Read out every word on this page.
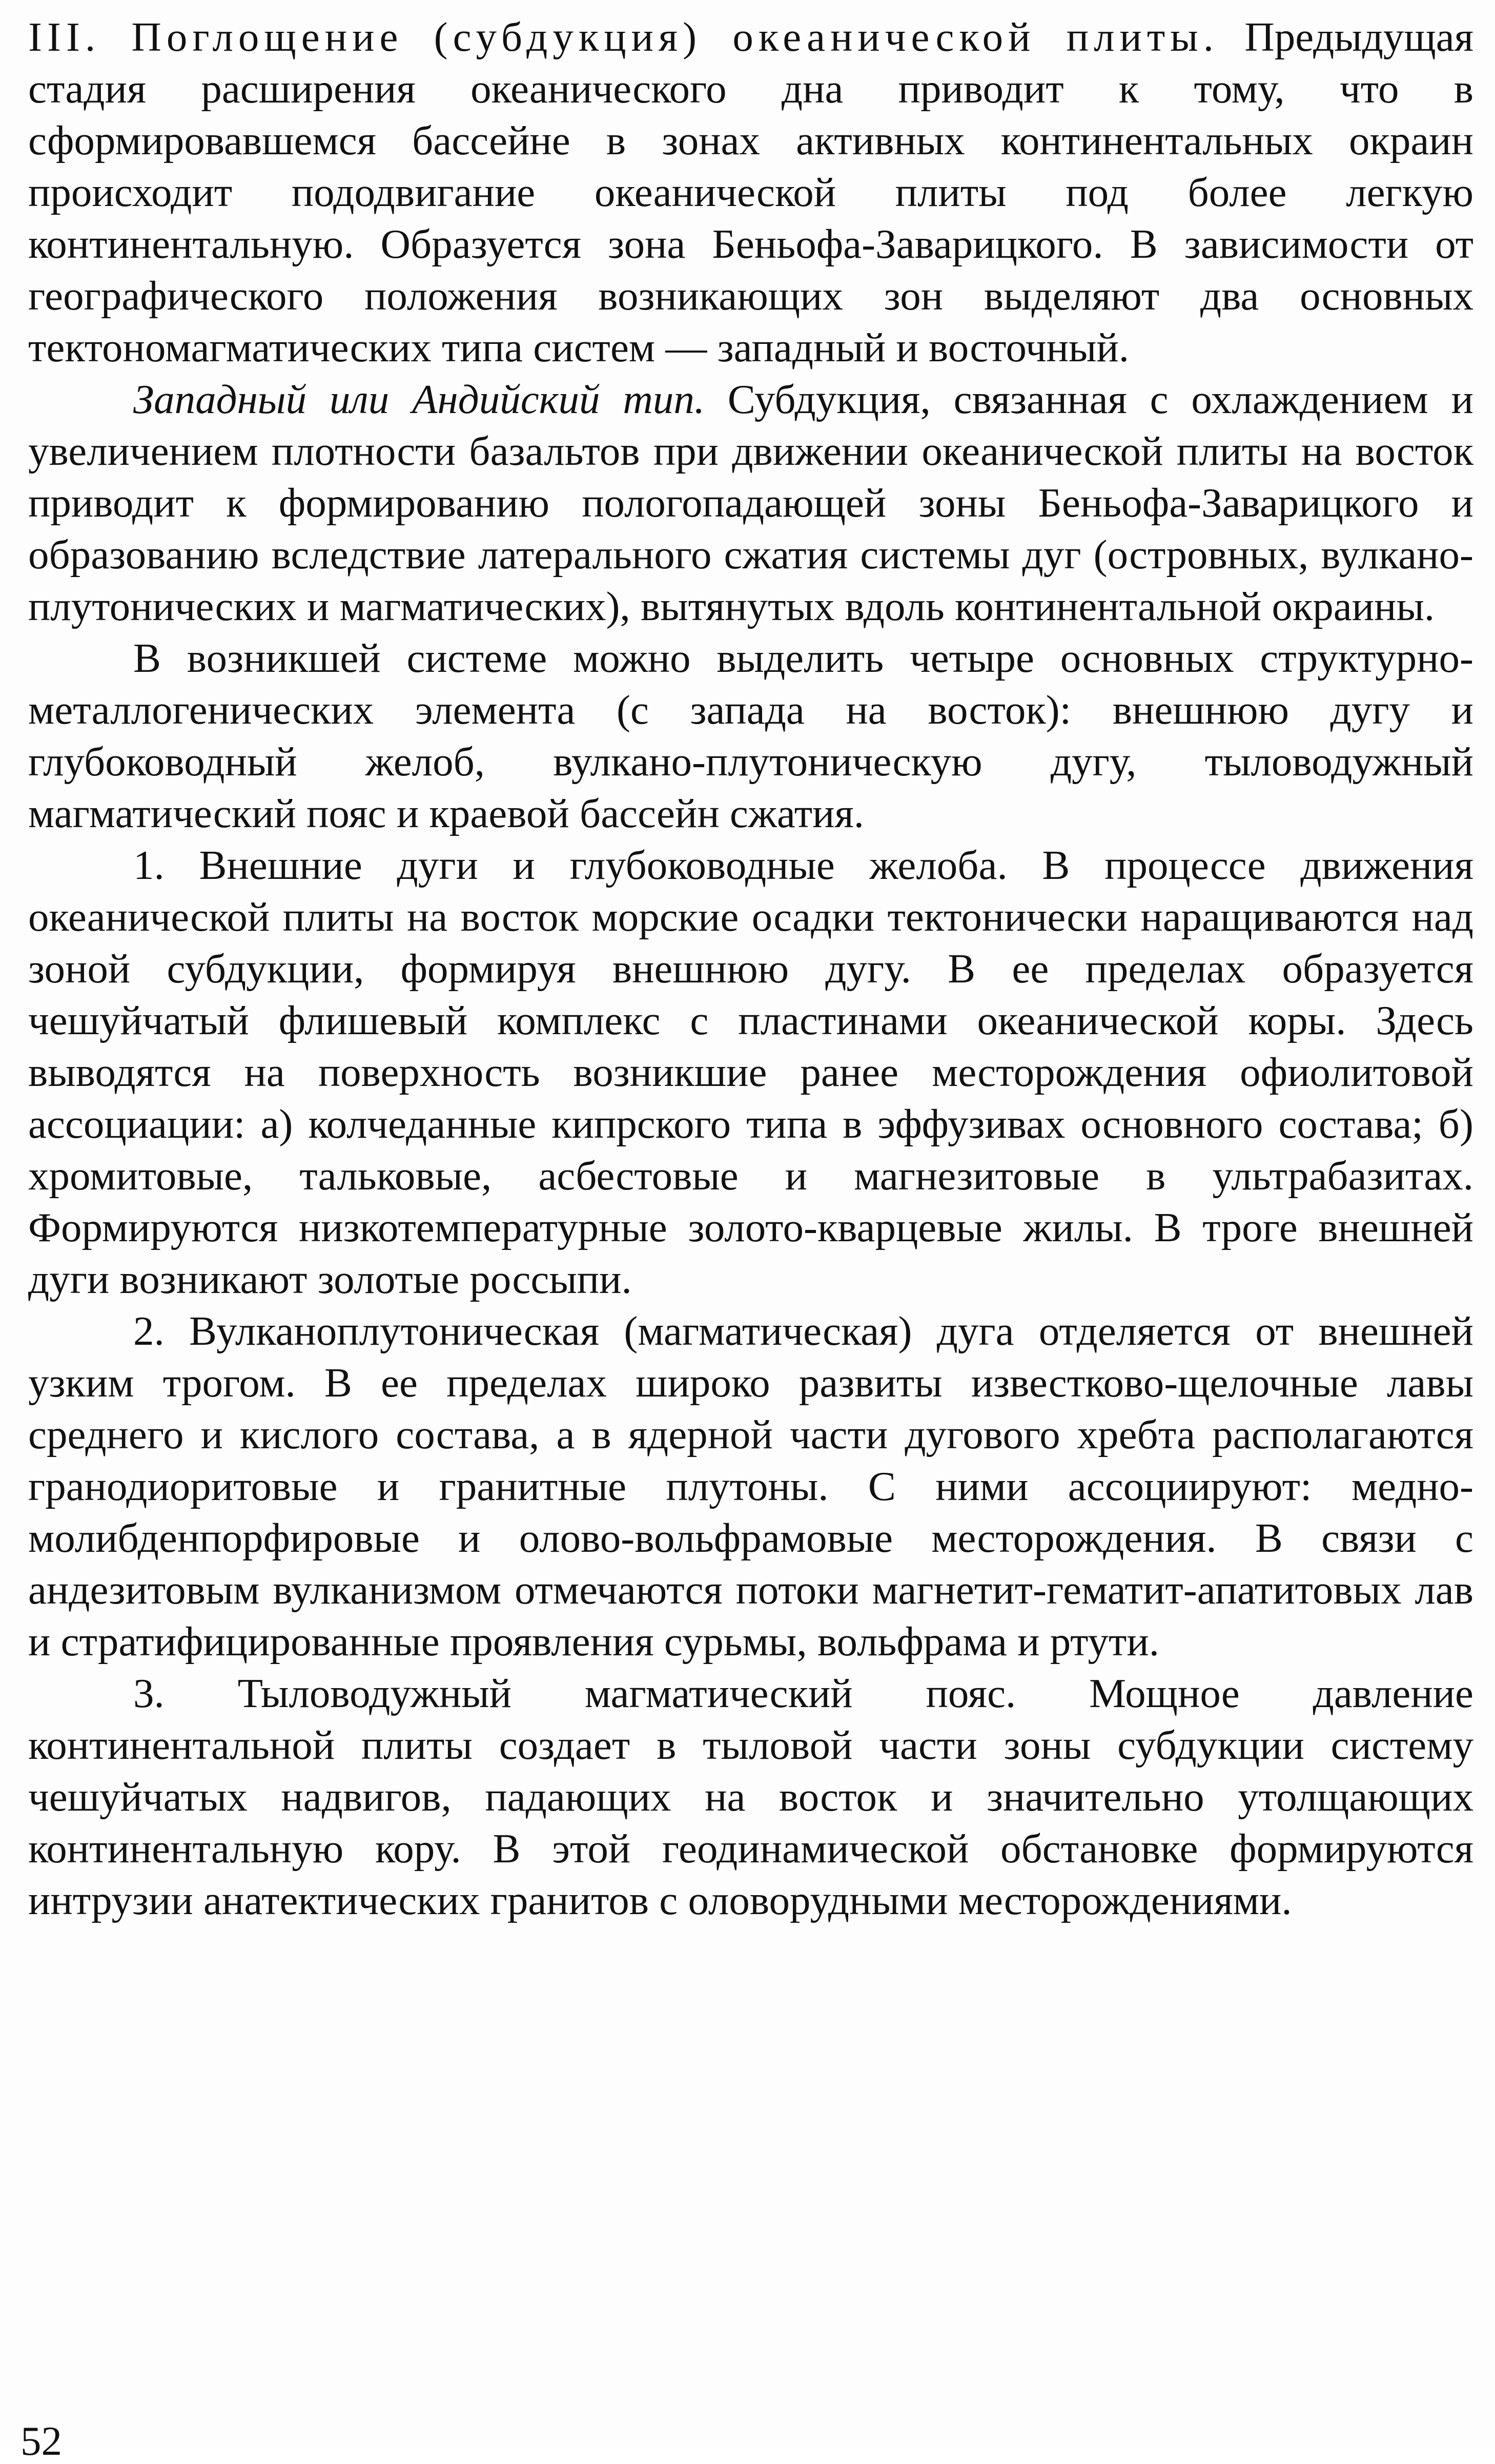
III. Поглощение (субдукция) океанической плиты. Предыдущая стадия расширения океанического дна приводит к тому, что в сформировавшемся бассейне в зонах активных континентальных окраин происходит пододвигание океанической плиты под более легкую континентальную. Образуется зона Беньофа-Заварицкого. В зависимости от географического положения возникающих зон выделяют два основных тектономагматических типа систем — западный и восточный.

Западный или Андийский тип. Субдукция, связанная с охлаждением и увеличением плотности базальтов при движении океанической плиты на восток приводит к формированию пологопадающей зоны Беньофа-Заварицкого и образованию вследствие латерального сжатия системы дуг (островных, вулкано-плутонических и магматических), вытянутых вдоль континентальной окраины.

В возникшей системе можно выделить четыре основных структурно-металлогенических элемента (с запада на восток): внешнюю дугу и глубоководный желоб, вулкано-плутоническую дугу, тыловодужный магматический пояс и краевой бассейн сжатия.

1. Внешние дуги и глубоководные желоба. В процессе движения океанической плиты на восток морские осадки тектонически наращиваются над зоной субдукции, формируя внешнюю дугу. В ее пределах образуется чешуйчатый флишевый комплекс с пластинами океанической коры. Здесь выводятся на поверхность возникшие ранее месторождения офиолитовой ассоциации: а) колчеданные кипрского типа в эффузивах основного состава; б) хромитовые, тальковые, асбестовые и магнезитовые в ультрабазитах. Формируются низкотемпературные золото-кварцевые жилы. В троге внешней дуги возникают золотые россыпи.

2. Вулканоплутоническая (магматическая) дуга отделяется от внешней узким трогом. В ее пределах широко развиты известково-щелочные лавы среднего и кислого состава, а в ядерной части дугового хребта располагаются гранодиоритовые и гранитные плутоны. С ними ассоциируют: медно-молибденпорфировые и олово-вольфрамовые месторождения. В связи с андезитовым вулканизмом отмечаются потоки магнетит-гематит-апатитовых лав и стратифицированные проявления сурьмы, вольфрама и ртути.

3. Тыловодужный магматический пояс. Мощное давление континентальной плиты создает в тыловой части зоны субдукции систему чешуйчатых надвигов, падающих на восток и значительно утолщающих континентальную кору. В этой геодинамической обстановке формируются интрузии анатектических гранитов с оловорудными месторождениями.

52
